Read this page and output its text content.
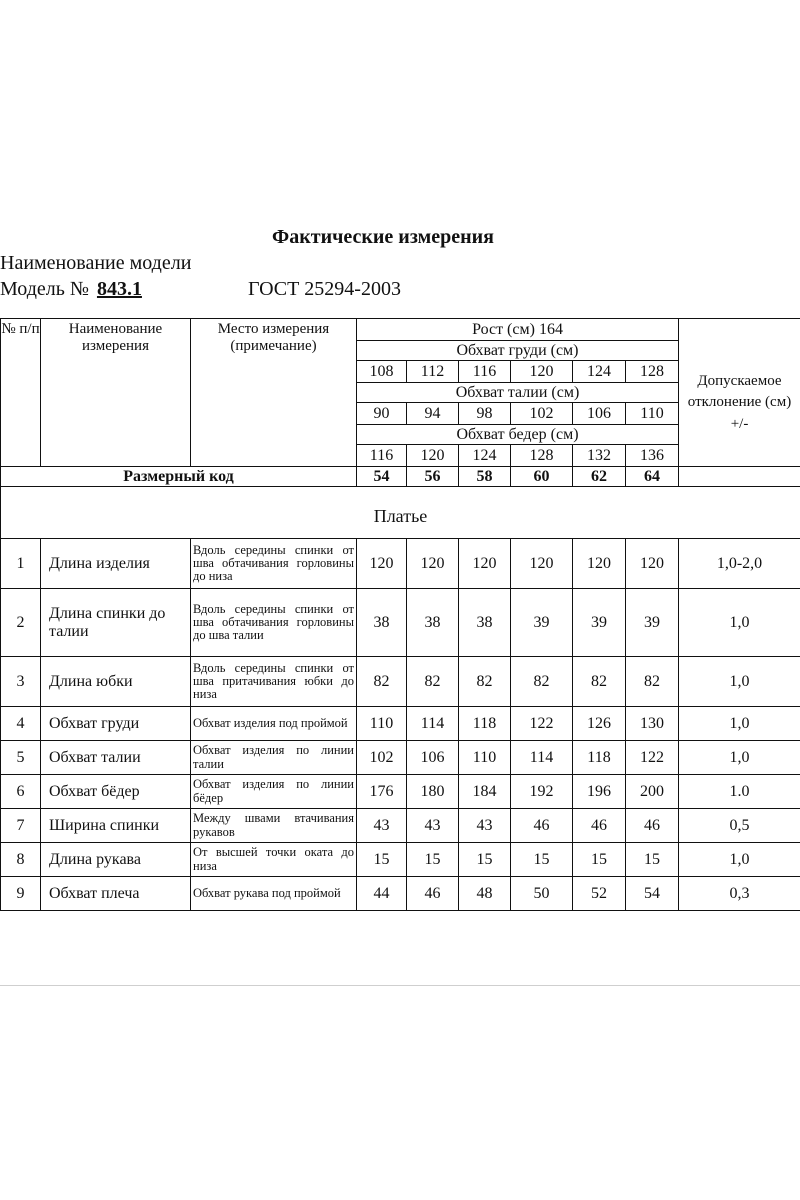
Фактические измерения
Наименование модели
Модель № 843.1	ГОСТ 25294-2003
№ п/п	Наименование измерения	Место измерения (примечание)	Рост (см) 164						
			Обхват груди (см)						Допускаемое отклонение (см) +/-
			108	112	116	120	124	128	
			Обхват талии (см)						
			90	94	98	102	106	110	
			Обхват бедер (см)						
			116	120	124	128	132	136	
Размерный код			54	56	58	60	62	64	
Платье									
1	Длина изделия	Вдоль середины спинки от шва обтачивания горловины до низа	120	120	120	120	120	120	1,0-2,0
2	Длина спинки до талии	Вдоль середины спинки от шва обтачивания горловины до шва талии	38	38	38	39	39	39	1,0
3	Длина юбки	Вдоль середины спинки от шва притачивания юбки до низа	82	82	82	82	82	82	1,0
4	Обхват груди	Обхват изделия под проймой	110	114	118	122	126	130	1,0
5	Обхват талии	Обхват изделия по линии талии	102	106	110	114	118	122	1,0
6	Обхват бёдер	Обхват изделия по линии бёдер	176	180	184	192	196	200	1.0
7	Ширина спинки	Между швами втачивания рукавов	43	43	43	46	46	46	0,5
8	Длина рукава	От высшей точки оката до низа	15	15	15	15	15	15	1,0
9	Обхват плеча	Обхват рукава под проймой	44	46	48	50	52	54	0,3
